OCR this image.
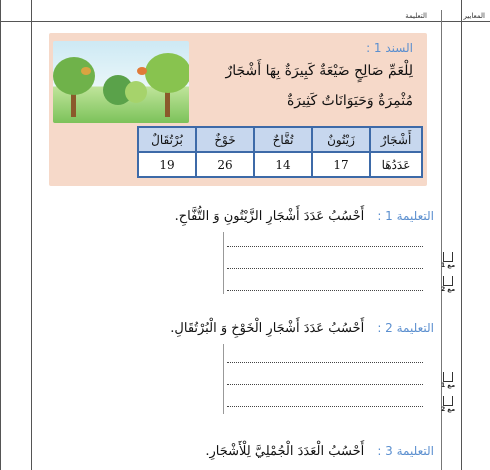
المعايير
التعليمة
السند 1 :
لِلْعَمِّ صَالِحٍ ضَيْعَةٌ كَبِيرَةٌ بِهَا أَشْجَارٌ
مُثْمِرَةٌ وَحَيَوَانَاتٌ كَثِيرَةٌ
أَشْجَارٌ	زَيْتُونٌ	تُفَّاحٌ	خَوْخٌ	بُرْتُقَالٌ
عَدَدُهَا	17	14	26	19
التعليمة 1 : أَحْسُبُ عَدَدَ أَشْجَارِ الزَّيْتُونِ وَ التُّفَّاحِ.
التعليمة 2 : أَحْسُبُ عَدَدَ أَشْجَارِ الْخَوْخِ وَ الْبُرْتُقَالِ.
التعليمة 3 : أَحْسُبُ الْعَدَدَ الْجُمْلِيَّ لِلْأَشْجَارِ.
مع 1
مع 2
مع 1
مع 2
